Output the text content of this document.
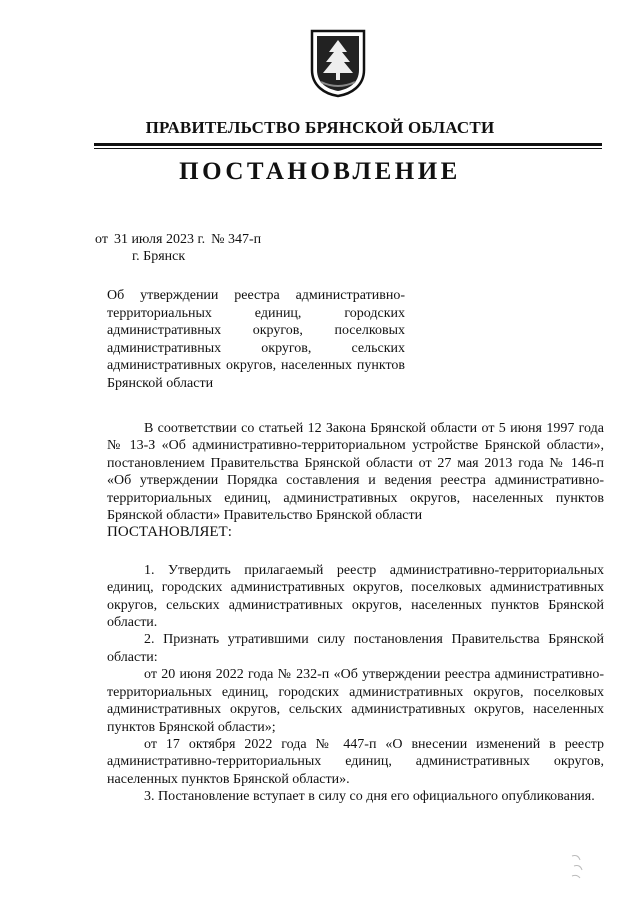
ПРАВИТЕЛЬСТВО БРЯНСКОЙ ОБЛАСТИ
ПОСТАНОВЛЕНИЕ
от 31 июля 2023 г. № 347-п
г. Брянск
Об утверждении реестра административно-территориальных единиц, городских административных округов, поселковых административных округов, сельских административных округов, населенных пунктов Брянской области

В соответствии со статьей 12 Закона Брянской области от 5 июня 1997 года № 13-З «Об административно-территориальном устройстве Брянской области», постановлением Правительства Брянской области от 27 мая 2013 года № 146-п «Об утверждении Порядка составления и ведения реестра административно-территориальных единиц, административных округов, населенных пунктов Брянской области» Правительство Брянской области

ПОСТАНОВЛЯЕТ:

1. Утвердить прилагаемый реестр административно-территориальных единиц, городских административных округов, поселковых административных округов, сельских административных округов, населенных пунктов Брянской области.

2. Признать утратившими силу постановления Правительства Брянской области:

от 20 июня 2022 года № 232-п «Об утверждении реестра административно-территориальных единиц, городских административных округов, поселковых административных округов, сельских административных округов, населенных пунктов Брянской области»;

от 17 октября 2022 года № 447-п «О внесении изменений в реестр административно-территориальных единиц, административных округов, населенных пунктов Брянской области».

3. Постановление вступает в силу со дня его официального опубликования.
